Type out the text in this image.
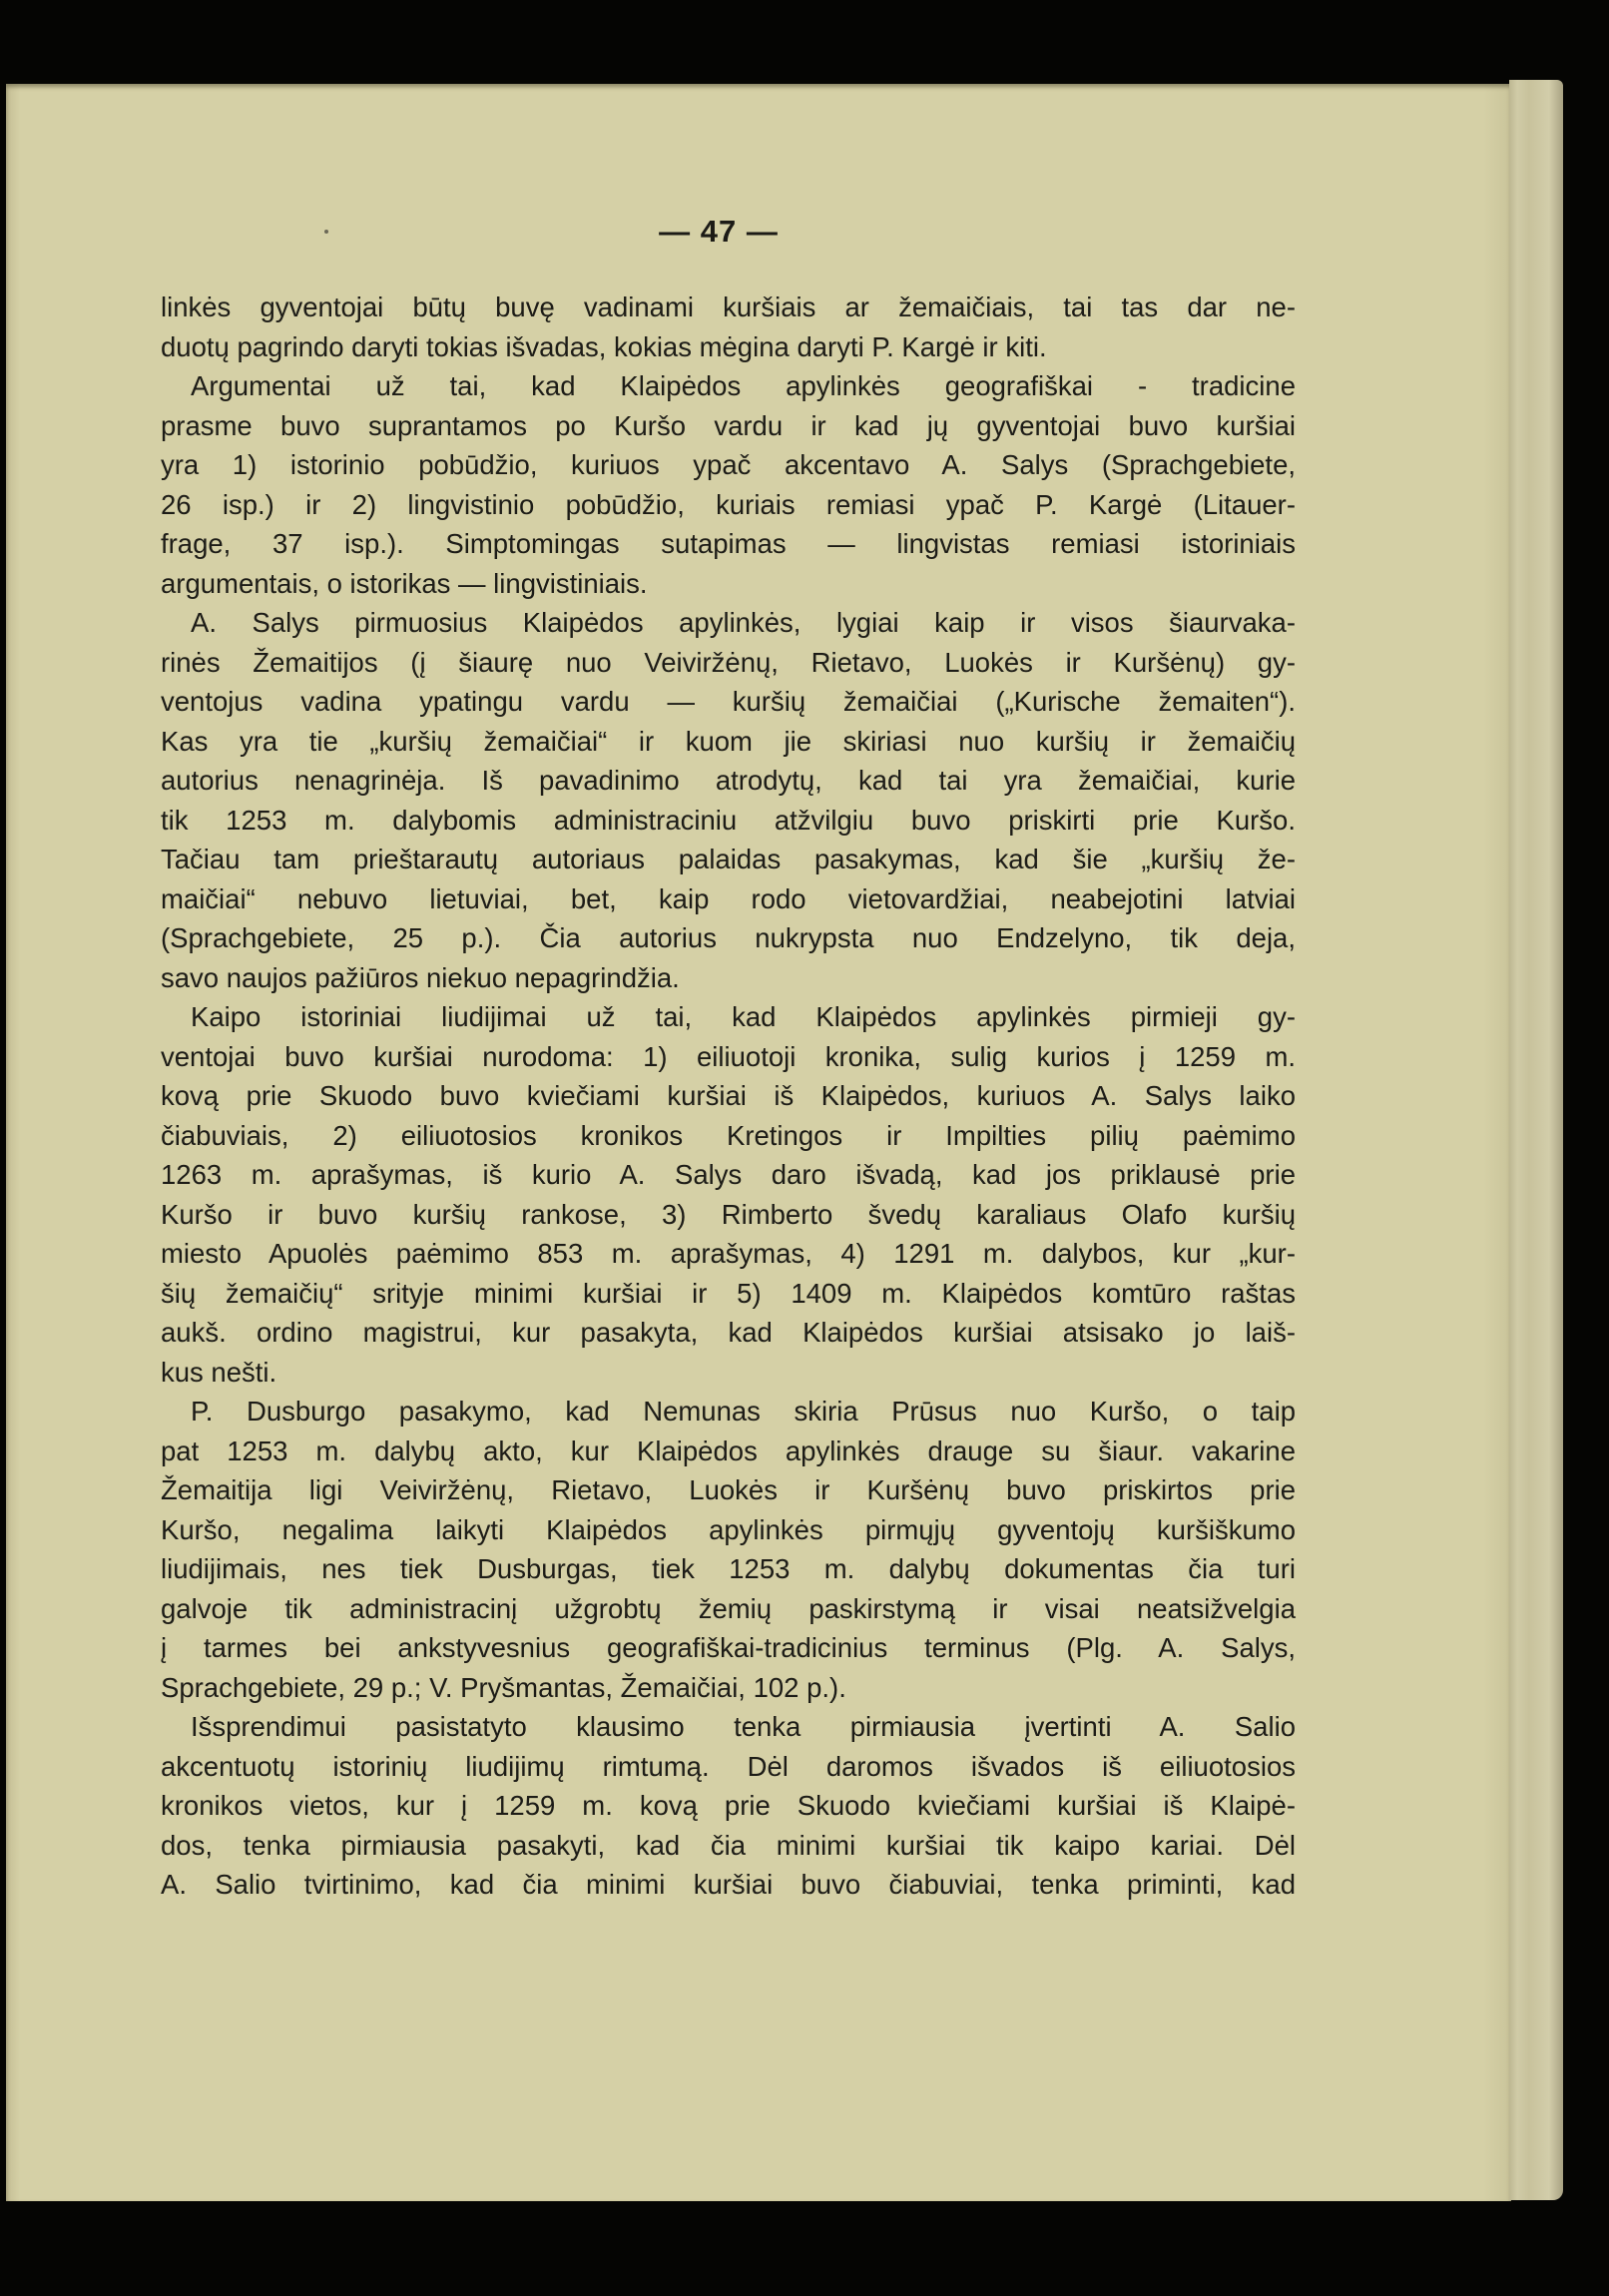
— 47 —
linkės gyventojai būtų buvę vadinami kuršiais ar žemaičiais, tai tas dar ne-
duotų pagrindo daryti tokias išvadas, kokias mėgina daryti P. Kargė ir kiti.
Argumentai už tai, kad Klaipėdos apylinkės geografiškai - tradicine
prasme buvo suprantamos po Kuršo vardu ir kad jų gyventojai buvo kuršiai
yra 1) istorinio pobūdžio, kuriuos ypač akcentavo A. Salys (Sprachgebiete,
26 isp.) ir 2) lingvistinio pobūdžio, kuriais remiasi ypač P. Kargė (Litauer-
frage, 37 isp.). Simptomingas sutapimas — lingvistas remiasi istoriniais
argumentais, o istorikas — lingvistiniais.
A. Salys pirmuosius Klaipėdos apylinkės, lygiai kaip ir visos šiaurvaka-
rinės Žemaitijos (į šiaurę nuo Veiviržėnų, Rietavo, Luokės ir Kuršėnų) gy-
ventojus vadina ypatingu vardu — kuršių žemaičiai („Kurische žemaiten“).
Kas yra tie „kuršių žemaičiai“ ir kuom jie skiriasi nuo kuršių ir žemaičių
autorius nenagrinėja. Iš pavadinimo atrodytų, kad tai yra žemaičiai, kurie
tik 1253 m. dalybomis administraciniu atžvilgiu buvo priskirti prie Kuršo.
Tačiau tam prieštarautų autoriaus palaidas pasakymas, kad šie „kuršių že-
maičiai“ nebuvo lietuviai, bet, kaip rodo vietovardžiai, neabejotini latviai
(Sprachgebiete, 25 p.). Čia autorius nukrypsta nuo Endzelyno, tik deja,
savo naujos pažiūros niekuo nepagrindžia.
Kaipo istoriniai liudijimai už tai, kad Klaipėdos apylinkės pirmieji gy-
ventojai buvo kuršiai nurodoma: 1) eiliuotoji kronika, sulig kurios į 1259 m.
kovą prie Skuodo buvo kviečiami kuršiai iš Klaipėdos, kuriuos A. Salys laiko
čiabuviais, 2) eiliuotosios kronikos Kretingos ir Impilties pilių paėmimo
1263 m. aprašymas, iš kurio A. Salys daro išvadą, kad jos priklausė prie
Kuršo ir buvo kuršių rankose, 3) Rimberto švedų karaliaus Olafo kuršių
miesto Apuolės paėmimo 853 m. aprašymas, 4) 1291 m. dalybos, kur „kur-
šių žemaičių“ srityje minimi kuršiai ir 5) 1409 m. Klaipėdos komtūro raštas
aukš. ordino magistrui, kur pasakyta, kad Klaipėdos kuršiai atsisako jo laiš-
kus nešti.
P. Dusburgo pasakymo, kad Nemunas skiria Prūsus nuo Kuršo, o taip
pat 1253 m. dalybų akto, kur Klaipėdos apylinkės drauge su šiaur. vakarine
Žemaitija ligi Veiviržėnų, Rietavo, Luokės ir Kuršėnų buvo priskirtos prie
Kuršo, negalima laikyti Klaipėdos apylinkės pirmųjų gyventojų kuršiškumo
liudijimais, nes tiek Dusburgas, tiek 1253 m. dalybų dokumentas čia turi
galvoje tik administracinį užgrobtų žemių paskirstymą ir visai neatsižvelgia
į tarmes bei ankstyvesnius geografiškai-tradicinius terminus (Plg. A. Salys,
Sprachgebiete, 29 p.; V. Pryšmantas, Žemaičiai, 102 p.).
Išsprendimui pasistatyto klausimo tenka pirmiausia įvertinti A. Salio
akcentuotų istorinių liudijimų rimtumą. Dėl daromos išvados iš eiliuotosios
kronikos vietos, kur į 1259 m. kovą prie Skuodo kviečiami kuršiai iš Klaipė-
dos, tenka pirmiausia pasakyti, kad čia minimi kuršiai tik kaipo kariai. Dėl
A. Salio tvirtinimo, kad čia minimi kuršiai buvo čiabuviai, tenka priminti, kad
